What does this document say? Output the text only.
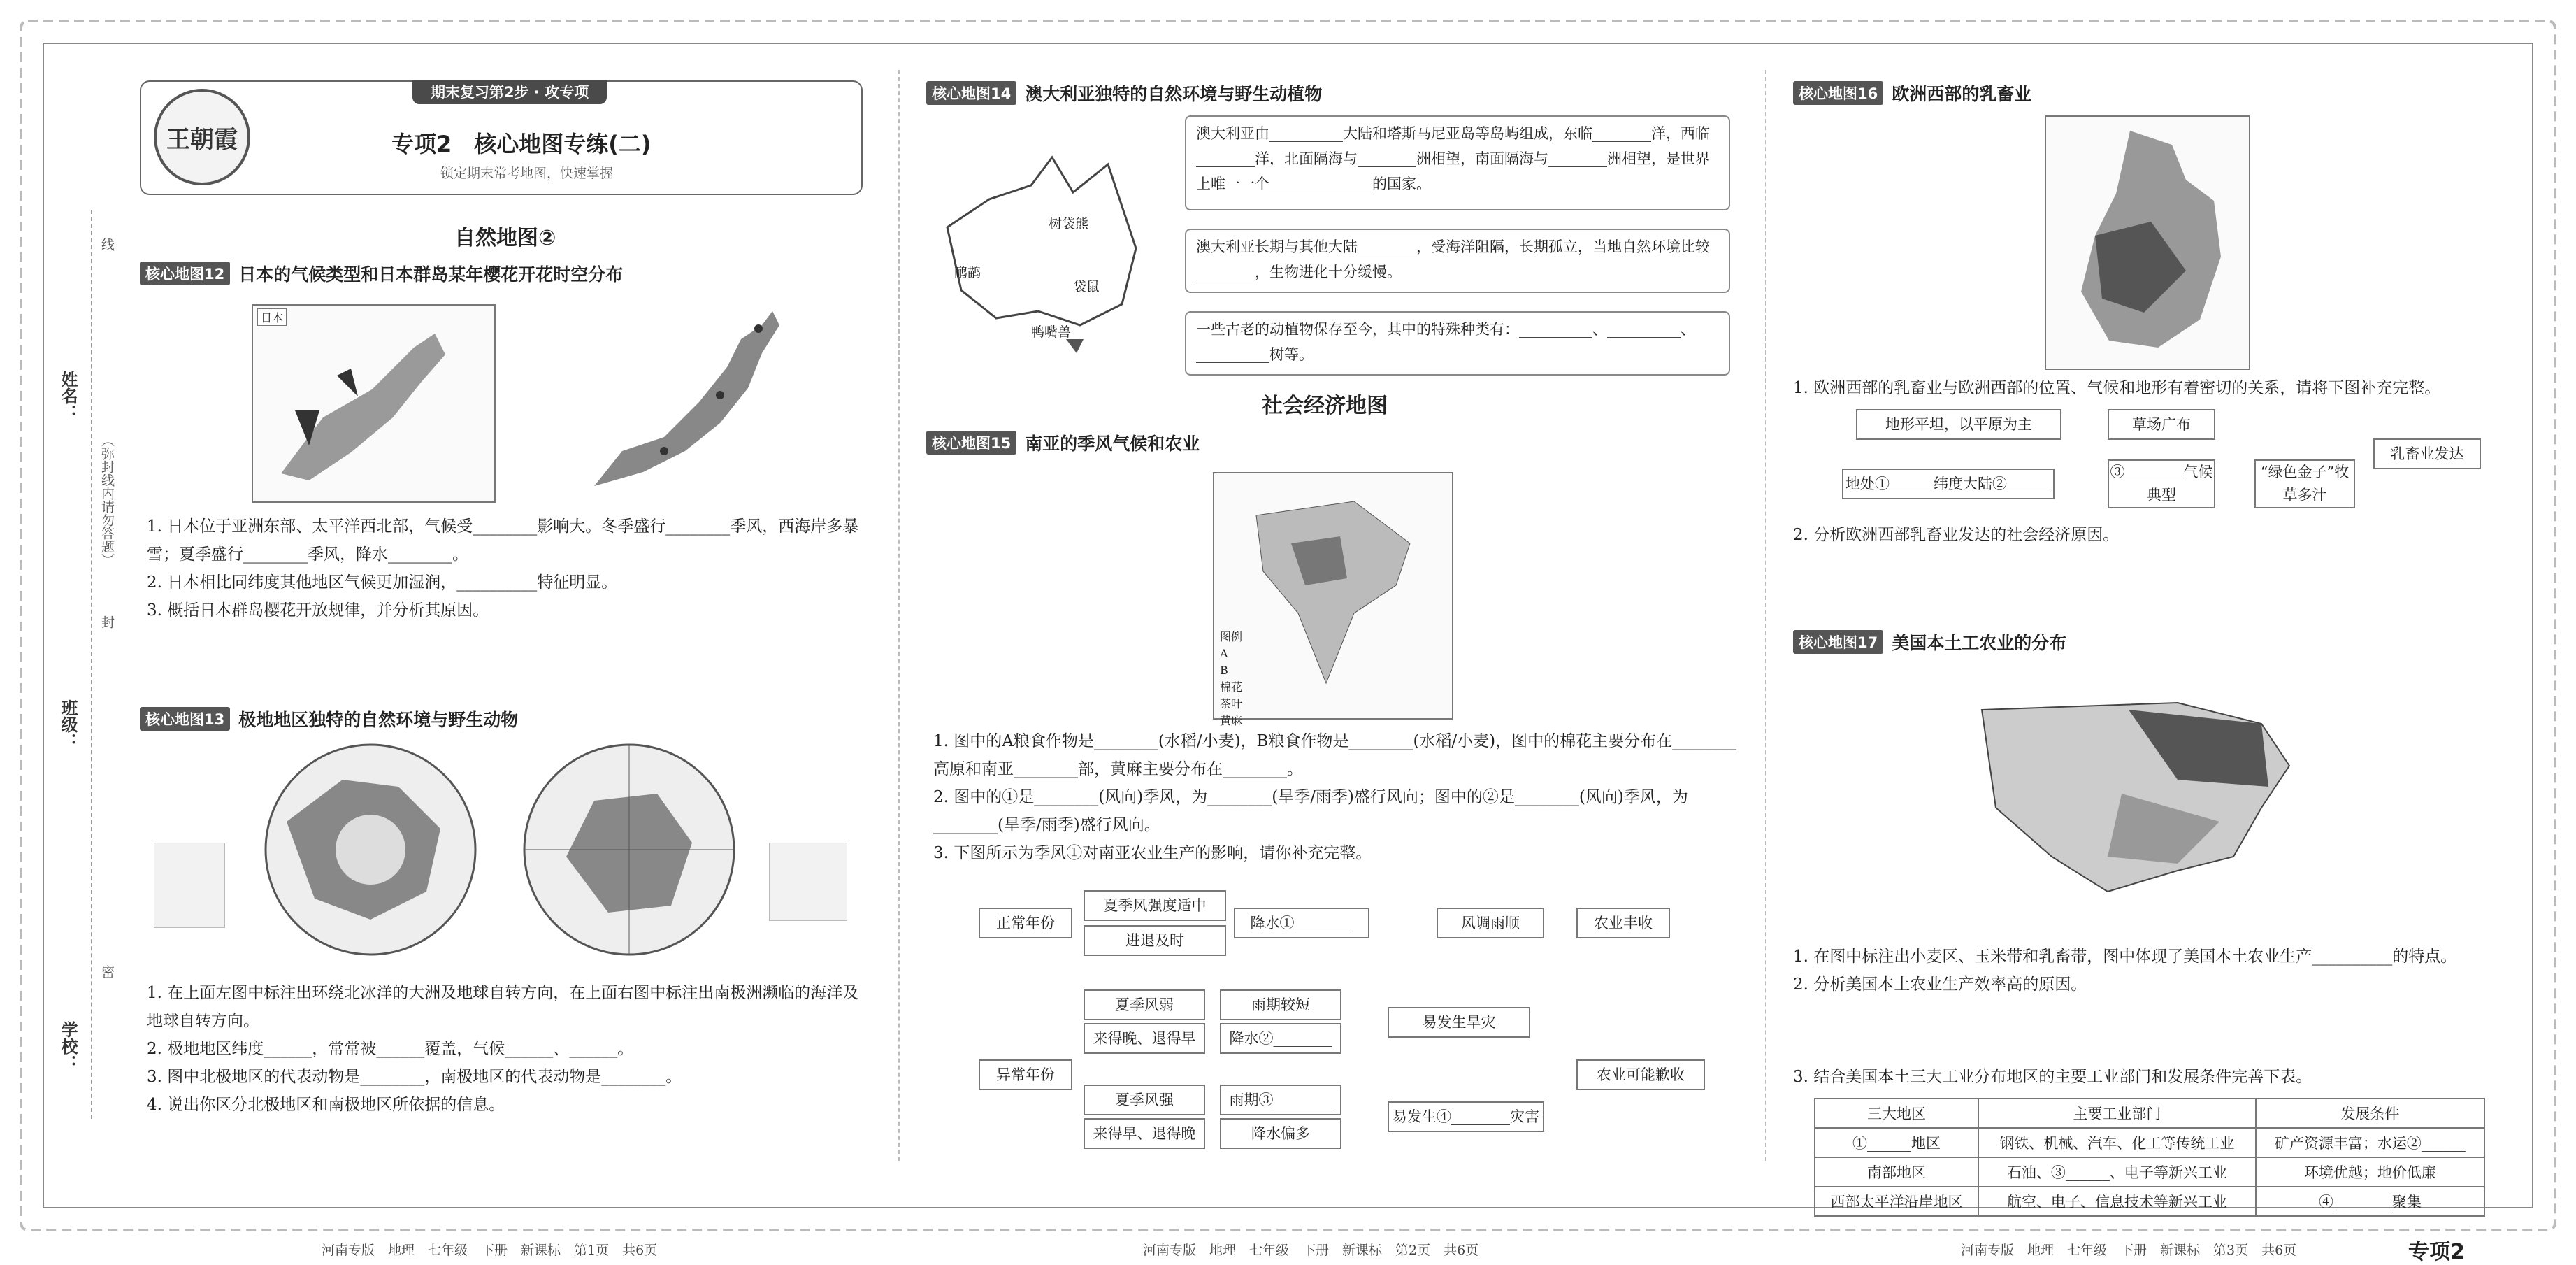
姓名：
班级：
学校：
线
封
密
（弥封线内请勿答题）
期末复习第2步 · 攻专项
王朝霞	专项2　核心地图专练(二)
锁定期末常考地图，快速掌握
自然地图②
核心地图12 日本的气候类型和日本群岛某年樱花开花时空分布
日本
1. 日本位于亚洲东部、太平洋西北部，气候受________影响大。冬季盛行________季风，西海岸多暴雪；夏季盛行________季风，降水________。
2. 日本相比同纬度其他地区气候更加湿润，__________特征明显。
3. 概括日本群岛樱花开放规律，并分析其原因。
核心地图13 极地地区独特的自然环境与野生动物
1. 在上面左图中标注出环绕北冰洋的大洲及地球自转方向，在上面右图中标注出南极洲濒临的海洋及地球自转方向。
2. 极地地区纬度______，常常被______覆盖，气候______、______。
3. 图中北极地区的代表动物是________，南极地区的代表动物是________。
4. 说出你区分北极地区和南极地区所依据的信息。
河南专版　地理　七年级　下册　新课标　第1页　共6页
核心地图14 澳大利亚独特的自然环境与野生动植物
鸸鹋
树袋熊
袋鼠
鸭嘴兽
澳大利亚由__________大陆和塔斯马尼亚岛等岛屿组成，东临________洋，西临________洋，北面隔海与________洲相望，南面隔海与________洲相望，是世界上唯一一个______________的国家。
澳大利亚长期与其他大陆________，受海洋阻隔，长期孤立，当地自然环境比较________，生物进化十分缓慢。
一些古老的动植物保存至今，其中的特殊种类有：__________、__________、__________树等。
社会经济地图
核心地图15 南亚的季风气候和农业
图例
A
B
棉花
茶叶
黄麻
1. 图中的A粮食作物是________(水稻/小麦)，B粮食作物是________(水稻/小麦)，图中的棉花主要分布在________高原和南亚________部，黄麻主要分布在________。
2. 图中的①是________(风向)季风，为________(旱季/雨季)盛行风向；图中的②是________(风向)季风，为________(旱季/雨季)盛行风向。
3. 下图所示为季风①对南亚农业生产的影响，请你补充完整。
正常年份
夏季风强度适中
进退及时
降水①________	风调雨顺	农业丰收
异常年份
夏季风弱
来得晚、退得早
雨期较短
降水②________
易发生旱灾
夏季风强
来得早、退得晚
雨期③________
降水偏多
易发生④________灾害
农业可能歉收
河南专版　地理　七年级　下册　新课标　第2页　共6页
核心地图16 欧洲西部的乳畜业
1. 欧洲西部的乳畜业与欧洲西部的位置、气候和地形有着密切的关系，请将下图补充完整。
地形平坦，以平原为主	草场广布
地处①______纬度大陆②______
③________气候典型
“绿色金子”牧草多汁
乳畜业发达
2. 分析欧洲西部乳畜业发达的社会经济原因。
核心地图17 美国本土工农业的分布
1. 在图中标注出小麦区、玉米带和乳畜带，图中体现了美国本土农业生产__________的特点。
2. 分析美国本土农业生产效率高的原因。
3. 结合美国本土三大工业分布地区的主要工业部门和发展条件完善下表。
三大地区	主要工业部门	发展条件
①______地区	钢铁、机械、汽车、化工等传统工业	矿产资源丰富；水运②______
南部地区	石油、③______、电子等新兴工业	环境优越；地价低廉
西部太平洋沿岸地区	航空、电子、信息技术等新兴工业	④________聚集
河南专版　地理　七年级　下册　新课标　第3页　共6页	专项2
